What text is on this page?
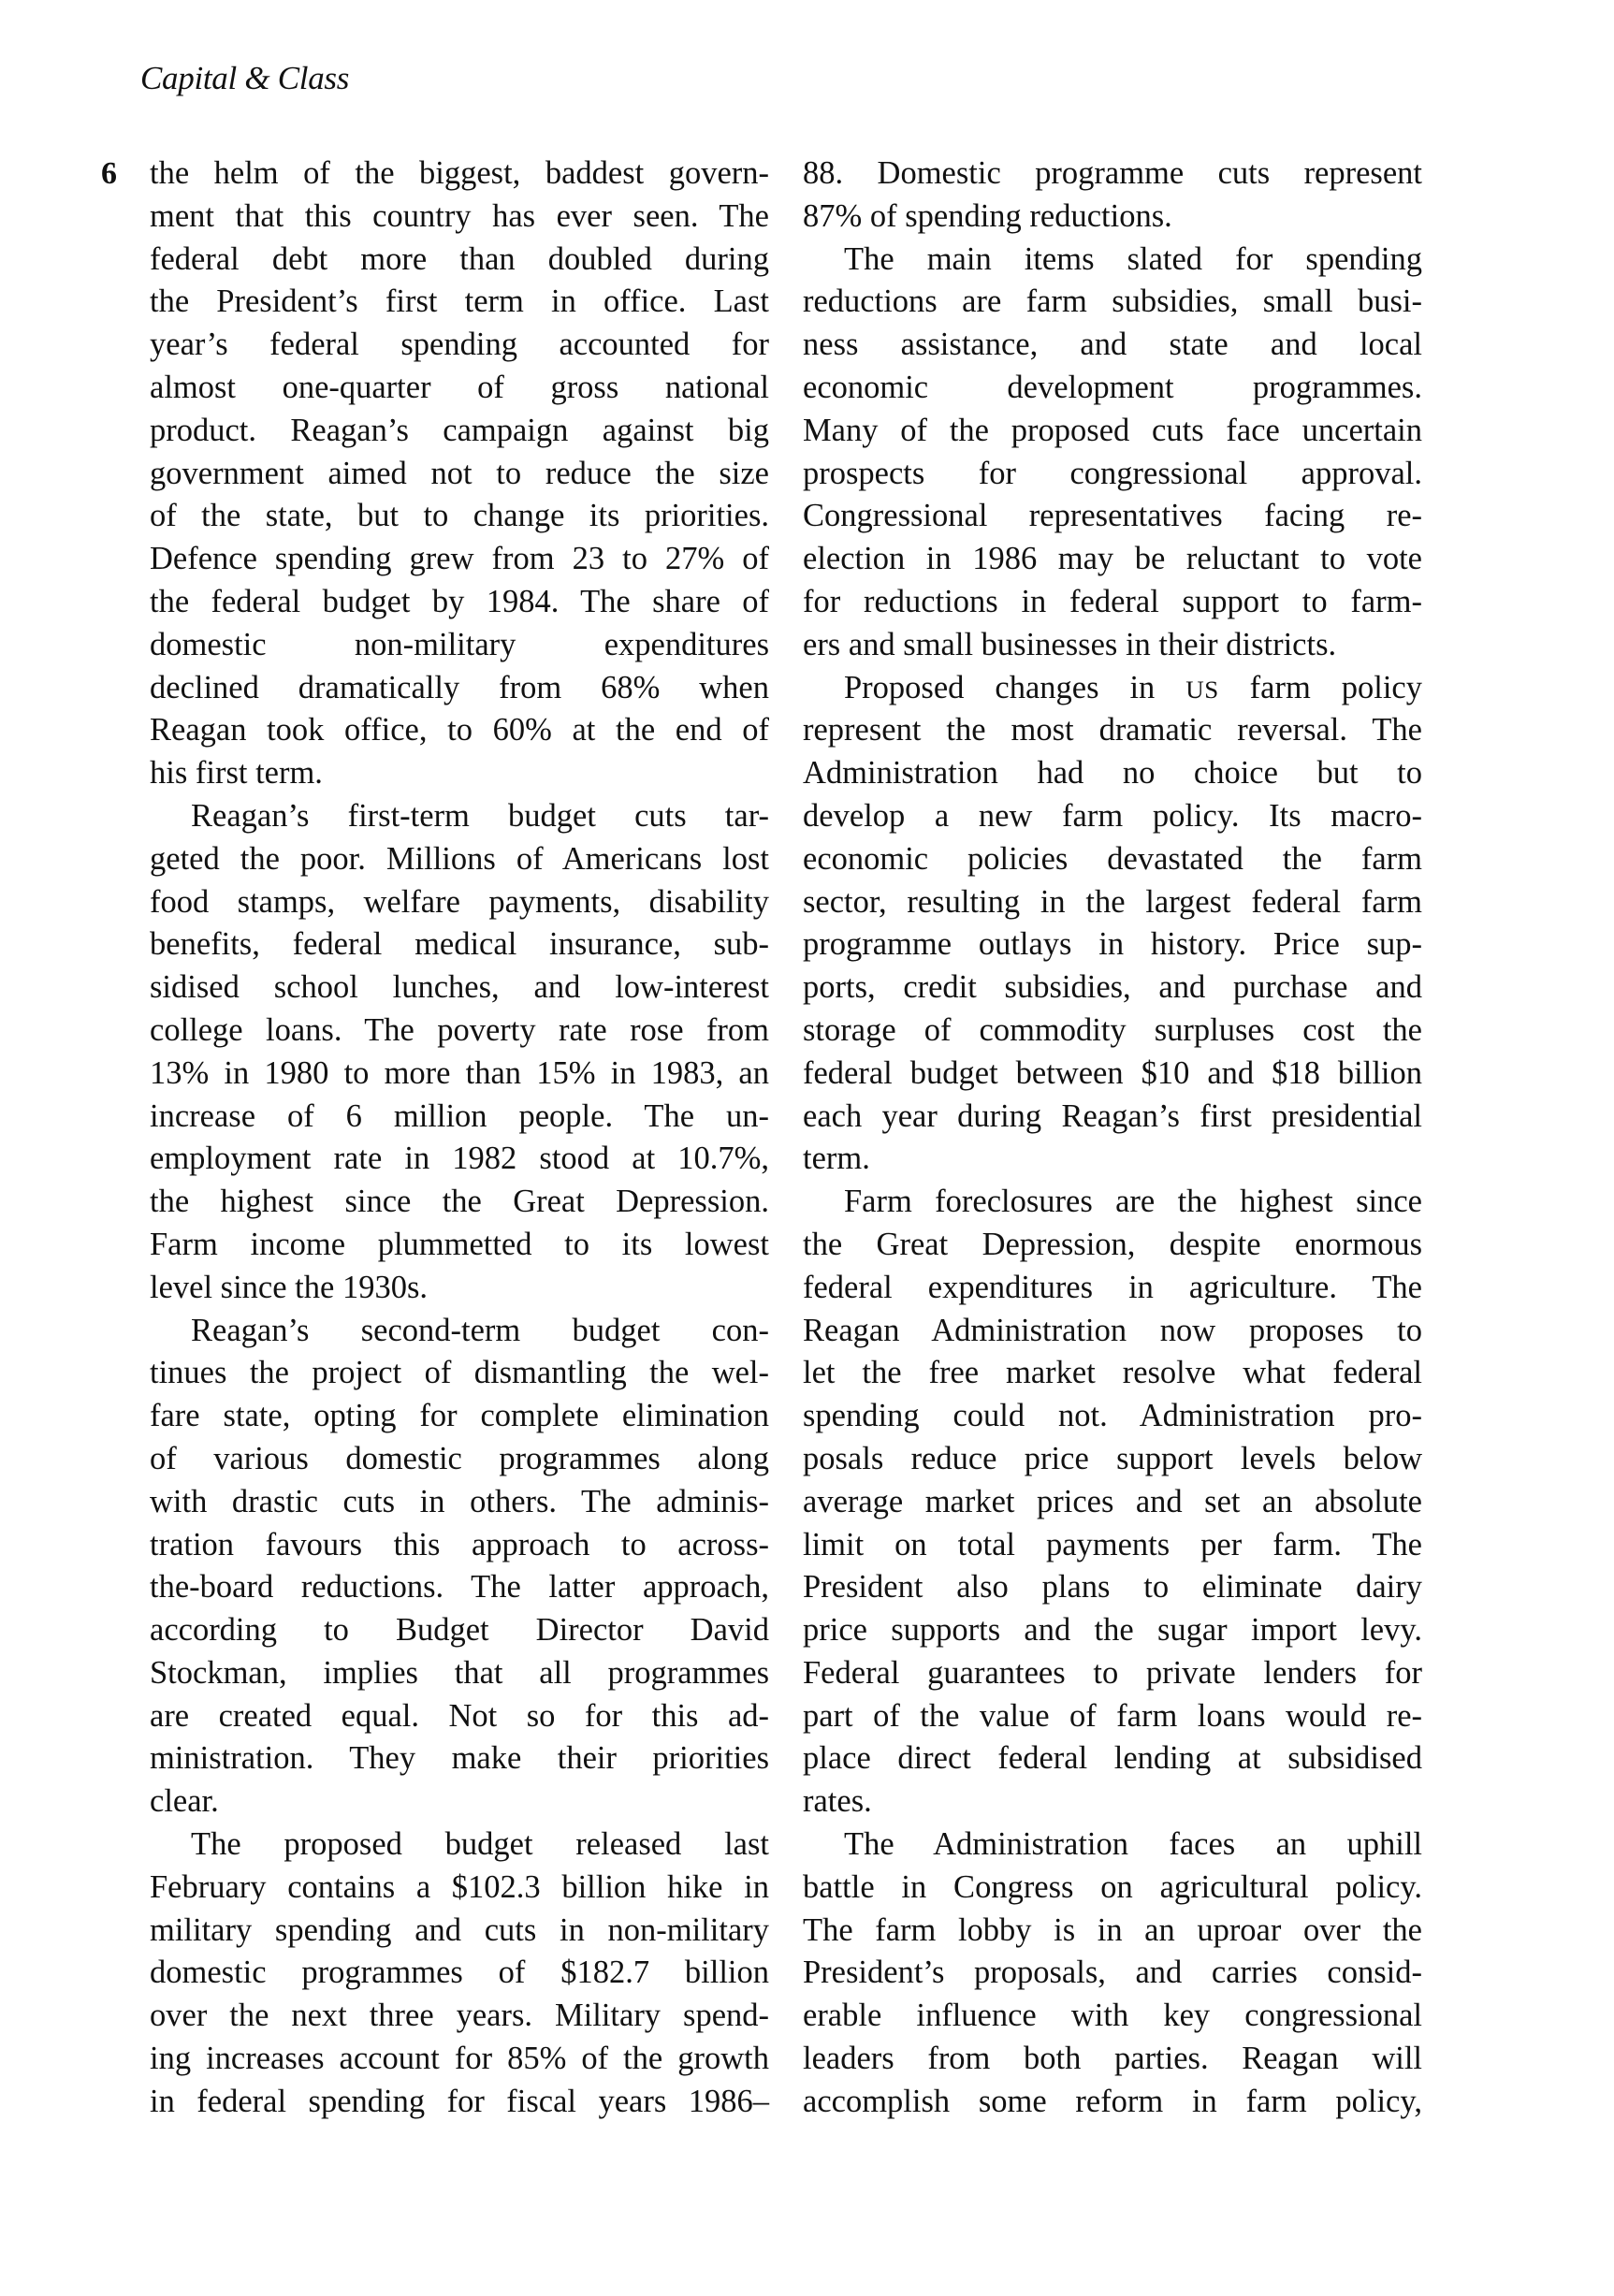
Capital & Class
6 the helm of the biggest, baddest govern-
ment that this country has ever seen. The
federal debt more than doubled during
the President’s first term in office. Last
year’s federal spending accounted for
almost one-quarter of gross national
product. Reagan’s campaign against big
government aimed not to reduce the size
of the state, but to change its priorities.
Defence spending grew from 23 to 27% of
the federal budget by 1984. The share of
domestic non-military expenditures
declined dramatically from 68% when
Reagan took office, to 60% at the end of
his first term.
Reagan’s first-term budget cuts tar-
geted the poor. Millions of Americans lost
food stamps, welfare payments, disability
benefits, federal medical insurance, sub-
sidised school lunches, and low-interest
college loans. The poverty rate rose from
13% in 1980 to more than 15% in 1983, an
increase of 6 million people. The un-
employment rate in 1982 stood at 10.7%,
the highest since the Great Depression.
Farm income plummetted to its lowest
level since the 1930s.
Reagan’s second-term budget con-
tinues the project of dismantling the wel-
fare state, opting for complete elimination
of various domestic programmes along
with drastic cuts in others. The adminis-
tration favours this approach to across-
the-board reductions. The latter approach,
according to Budget Director David
Stockman, implies that all programmes
are created equal. Not so for this ad-
ministration. They make their priorities
clear.
The proposed budget released last
February contains a $102.3 billion hike in
military spending and cuts in non-military
domestic programmes of $182.7 billion
over the next three years. Military spend-
ing increases account for 85% of the growth
in federal spending for fiscal years 1986–
88. Domestic programme cuts represent
87% of spending reductions.
The main items slated for spending
reductions are farm subsidies, small busi-
ness assistance, and state and local
economic development programmes.
Many of the proposed cuts face uncertain
prospects for congressional approval.
Congressional representatives facing re-
election in 1986 may be reluctant to vote
for reductions in federal support to farm-
ers and small businesses in their districts.
Proposed changes in US farm policy
represent the most dramatic reversal. The
Administration had no choice but to
develop a new farm policy. Its macro-
economic policies devastated the farm
sector, resulting in the largest federal farm
programme outlays in history. Price sup-
ports, credit subsidies, and purchase and
storage of commodity surpluses cost the
federal budget between $10 and $18 billion
each year during Reagan’s first presidential
term.
Farm foreclosures are the highest since
the Great Depression, despite enormous
federal expenditures in agriculture. The
Reagan Administration now proposes to
let the free market resolve what federal
spending could not. Administration pro-
posals reduce price support levels below
average market prices and set an absolute
limit on total payments per farm. The
President also plans to eliminate dairy
price supports and the sugar import levy.
Federal guarantees to private lenders for
part of the value of farm loans would re-
place direct federal lending at subsidised
rates.
The Administration faces an uphill
battle in Congress on agricultural policy.
The farm lobby is in an uproar over the
President’s proposals, and carries consid-
erable influence with key congressional
leaders from both parties. Reagan will
accomplish some reform in farm policy,
